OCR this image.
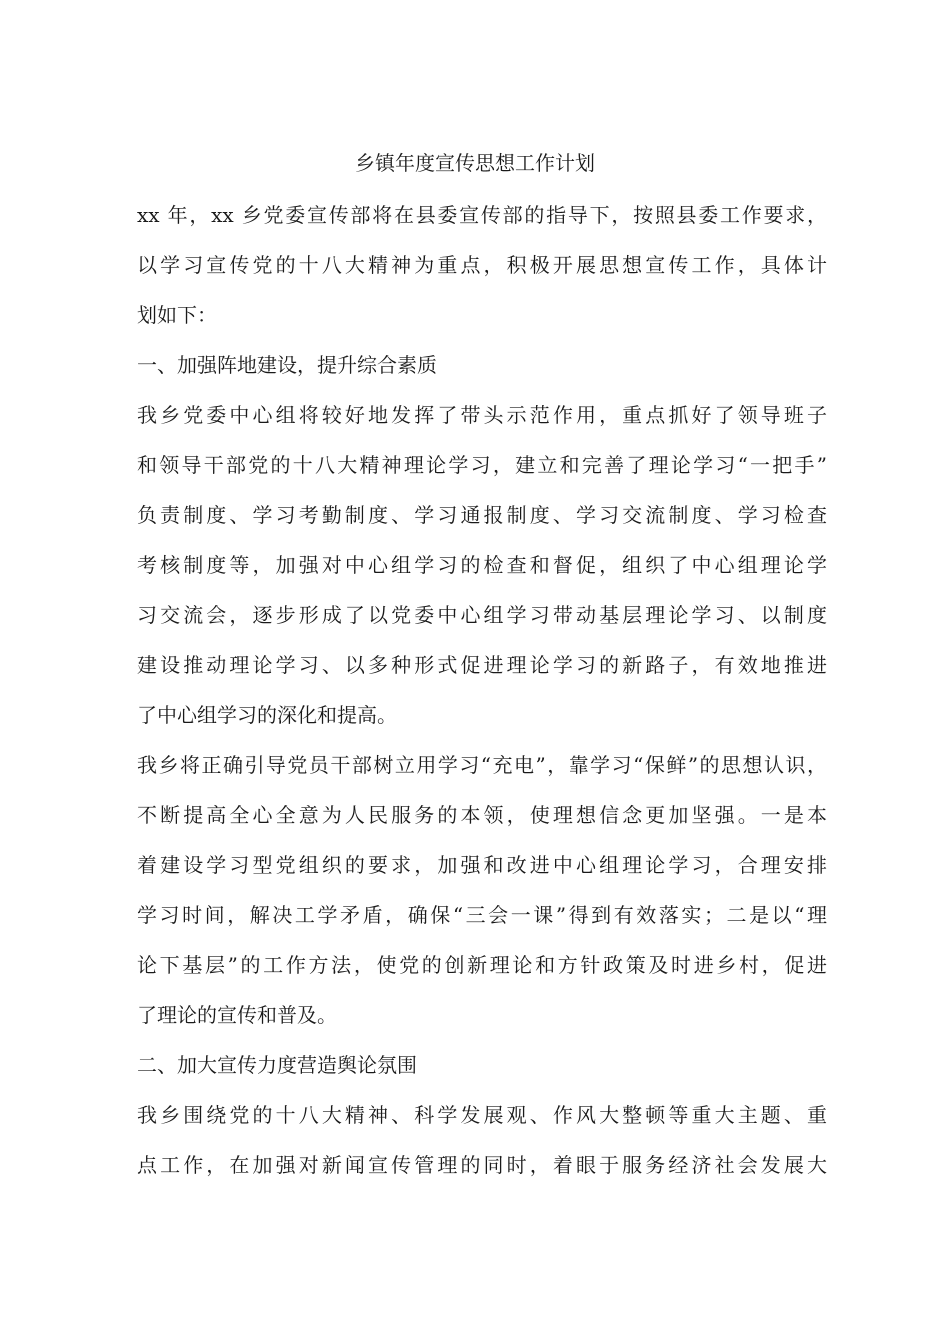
乡镇年度宣传思想工作计划
xx 年，xx 乡党委宣传部将在县委宣传部的指导下，按照县委工作要求，
以学习宣传党的十八大精神为重点，积极开展思想宣传工作，具体计
划如下：
一、加强阵地建设，提升综合素质
我乡党委中心组将较好地发挥了带头示范作用，重点抓好了领导班子
和领导干部党的十八大精神理论学习，建立和完善了理论学习“一把手”
负责制度、学习考勤制度、学习通报制度、学习交流制度、学习检查
考核制度等，加强对中心组学习的检查和督促，组织了中心组理论学
习交流会，逐步形成了以党委中心组学习带动基层理论学习、以制度
建设推动理论学习、以多种形式促进理论学习的新路子，有效地推进
了中心组学习的深化和提高。
我乡将正确引导党员干部树立用学习“充电”，靠学习“保鲜”的思想认识，
不断提高全心全意为人民服务的本领，使理想信念更加坚强。一是本
着建设学习型党组织的要求，加强和改进中心组理论学习，合理安排
学习时间，解决工学矛盾，确保“三会一课”得到有效落实；二是以“理
论下基层”的工作方法，使党的创新理论和方针政策及时进乡村，促进
了理论的宣传和普及。
二、加大宣传力度营造舆论氛围
我乡围绕党的十八大精神、科学发展观、作风大整顿等重大主题、重
点工作，在加强对新闻宣传管理的同时，着眼于服务经济社会发展大
